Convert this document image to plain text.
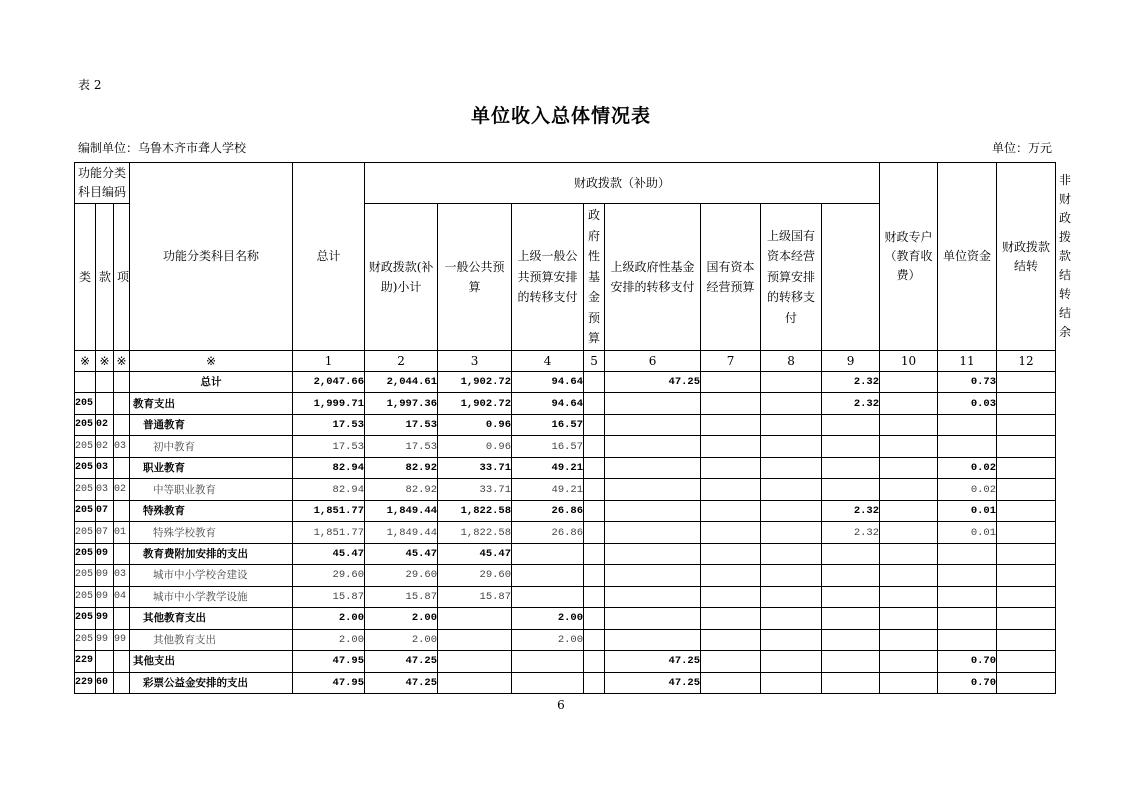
表 2
单位收入总体情况表
编制单位：乌鲁木齐市聋人学校	单位：万元
功能分类科目编码			功能分类科目名称	总计	财政拨款（补助）								财政专户（教育收费）	单位资金	财政拨款结转	非财政拨款结转结余
类	款	项			财政拨款(补助)小计	一般公共预算	上级一般公共预算安排的转移支付	政府性基金预算	上级政府性基金安排的转移支付	国有资本经营预算	上级国有资本经营预算安排的转移支付					
※	※	※	※	1	2	3	4	5	6	7	8	9	10	11	12	
			总计	2,047.66	2,044.61	1,902.72	94.64		47.25			2.32		0.73		
205			教育支出	1,999.71	1,997.36	1,902.72	94.64					2.32		0.03		
205	02		普通教育	17.53	17.53	0.96	16.57									
205	02	03	初中教育	17.53	17.53	0.96	16.57									
205	03		职业教育	82.94	82.92	33.71	49.21							0.02		
205	03	02	中等职业教育	82.94	82.92	33.71	49.21							0.02		
205	07		特殊教育	1,851.77	1,849.44	1,822.58	26.86					2.32		0.01		
205	07	01	特殊学校教育	1,851.77	1,849.44	1,822.58	26.86					2.32		0.01		
205	09		教育费附加安排的支出	45.47	45.47	45.47										
205	09	03	城市中小学校舍建设	29.60	29.60	29.60										
205	09	04	城市中小学教学设施	15.87	15.87	15.87										
205	99		其他教育支出	2.00	2.00		2.00									
205	99	99	其他教育支出	2.00	2.00		2.00									
229			其他支出	47.95	47.25				47.25					0.70		
229	60		彩票公益金安排的支出	47.95	47.25				47.25					0.70		
6
